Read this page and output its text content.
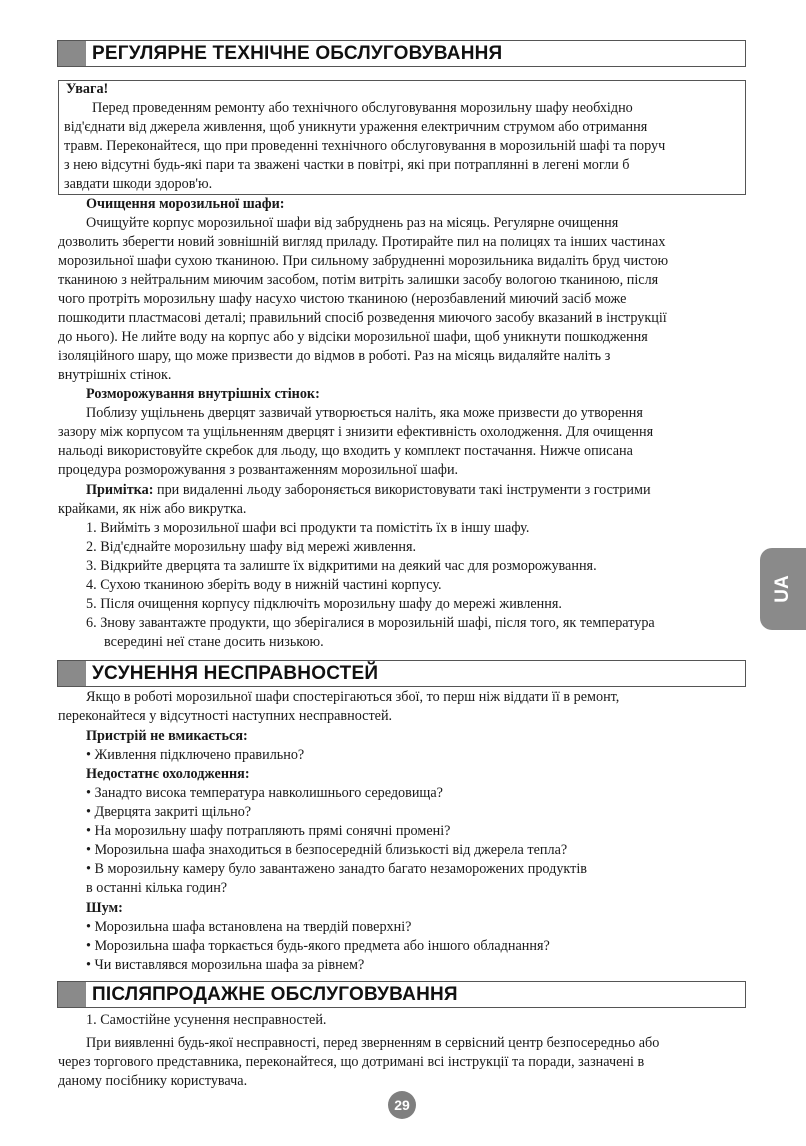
РЕГУЛЯРНЕ ТЕХНІЧНЕ ОБСЛУГОВУВАННЯ
Увага!
Перед проведенням ремонту або технічного обслуговування морозильну шафу необхідно
від'єднати від джерела живлення, щоб уникнути ураження електричним струмом або отримання
травм. Переконайтеся, що при проведенні технічного обслуговування в морозильній шафі та поруч
з нею відсутні будь-які пари та зважені частки в повітрі, які при потраплянні в легені могли б
завдати шкоди здоров'ю.
Очищення морозильної шафи:
Очищуйте корпус морозильної шафи від забруднень раз на місяць. Регулярне очищення
дозволить зберегти новий зовнішній вигляд приладу. Протирайте пил на полицях та інших частинах
морозильної шафи сухою тканиною. При сильному забрудненні морозильника видаліть бруд чистою
тканиною з нейтральним миючим засобом, потім витріть залишки засобу вологою тканиною, після
чого протріть морозильну шафу насухо чистою тканиною (нерозбавлений миючий засіб може
пошкодити пластмасові деталі; правильний спосіб розведення миючого засобу вказаний в інструкції
до нього). Не лийте воду на корпус або у відсіки морозильної шафи, щоб уникнути пошкодження
ізоляційного шару, що може призвести до відмов в роботі. Раз на місяць видаляйте наліть з
внутрішніх стінок.
Розморожування внутрішніх стінок:
Поблизу ущільнень дверцят зазвичай утворюється наліть, яка може призвести до утворення
зазору між корпусом та ущільненням дверцят і знизити ефективність охолодження. Для очищення
нальоді використовуйте скребок для льоду, що входить у комплект постачання. Нижче описана
процедура розморожування з розвантаженням морозильної шафи.
Примітка: при видаленні льоду забороняється використовувати такі інструменти з гострими
крайками, як ніж або викрутка.
1. Вийміть з морозильної шафи всі продукти та помістіть їх в іншу шафу.
2. Від'єднайте морозильну шафу від мережі живлення.
3. Відкрийте дверцята та залиште їх відкритими на деякий час для розморожування.
4. Сухою тканиною зберіть воду в нижній частині корпусу.
5. Після очищення корпусу підключіть морозильну шафу до мережі живлення.
6. Знову завантажте продукти, що зберігалися в морозильній шафі, після того, як температура
всередині неї стане досить низькою.
УСУНЕННЯ НЕСПРАВНОСТЕЙ
Якщо в роботі морозильної шафи спостерігаються збої, то перш ніж віддати її в ремонт,
переконайтеся у відсутності наступних несправностей.
Пристрій не вмикається:
• Живлення підключено правильно?
Недостатнє охолодження:
• Занадто висока температура навколишнього середовища?
• Дверцята закриті щільно?
• На морозильну шафу потрапляють прямі сонячні промені?
• Морозильна шафа знаходиться в безпосередній близькості від джерела тепла?
• В морозильну камеру було завантажено занадто багато незаморожених продуктів
в останні кілька годин?
Шум:
• Морозильна шафа встановлена на твердій поверхні?
• Морозильна шафа торкається будь-якого предмета або іншого обладнання?
• Чи виставлявся морозильна шафа за рівнем?
ПІСЛЯПРОДАЖНЕ ОБСЛУГОВУВАННЯ
1. Самостійне усунення несправностей.
При виявленні будь-якої несправності, перед зверненням в сервісний центр безпосередньо або
через торгового представника, переконайтеся, що дотримані всі інструкції та поради, зазначені в
даному посібнику користувача.
UA
29
